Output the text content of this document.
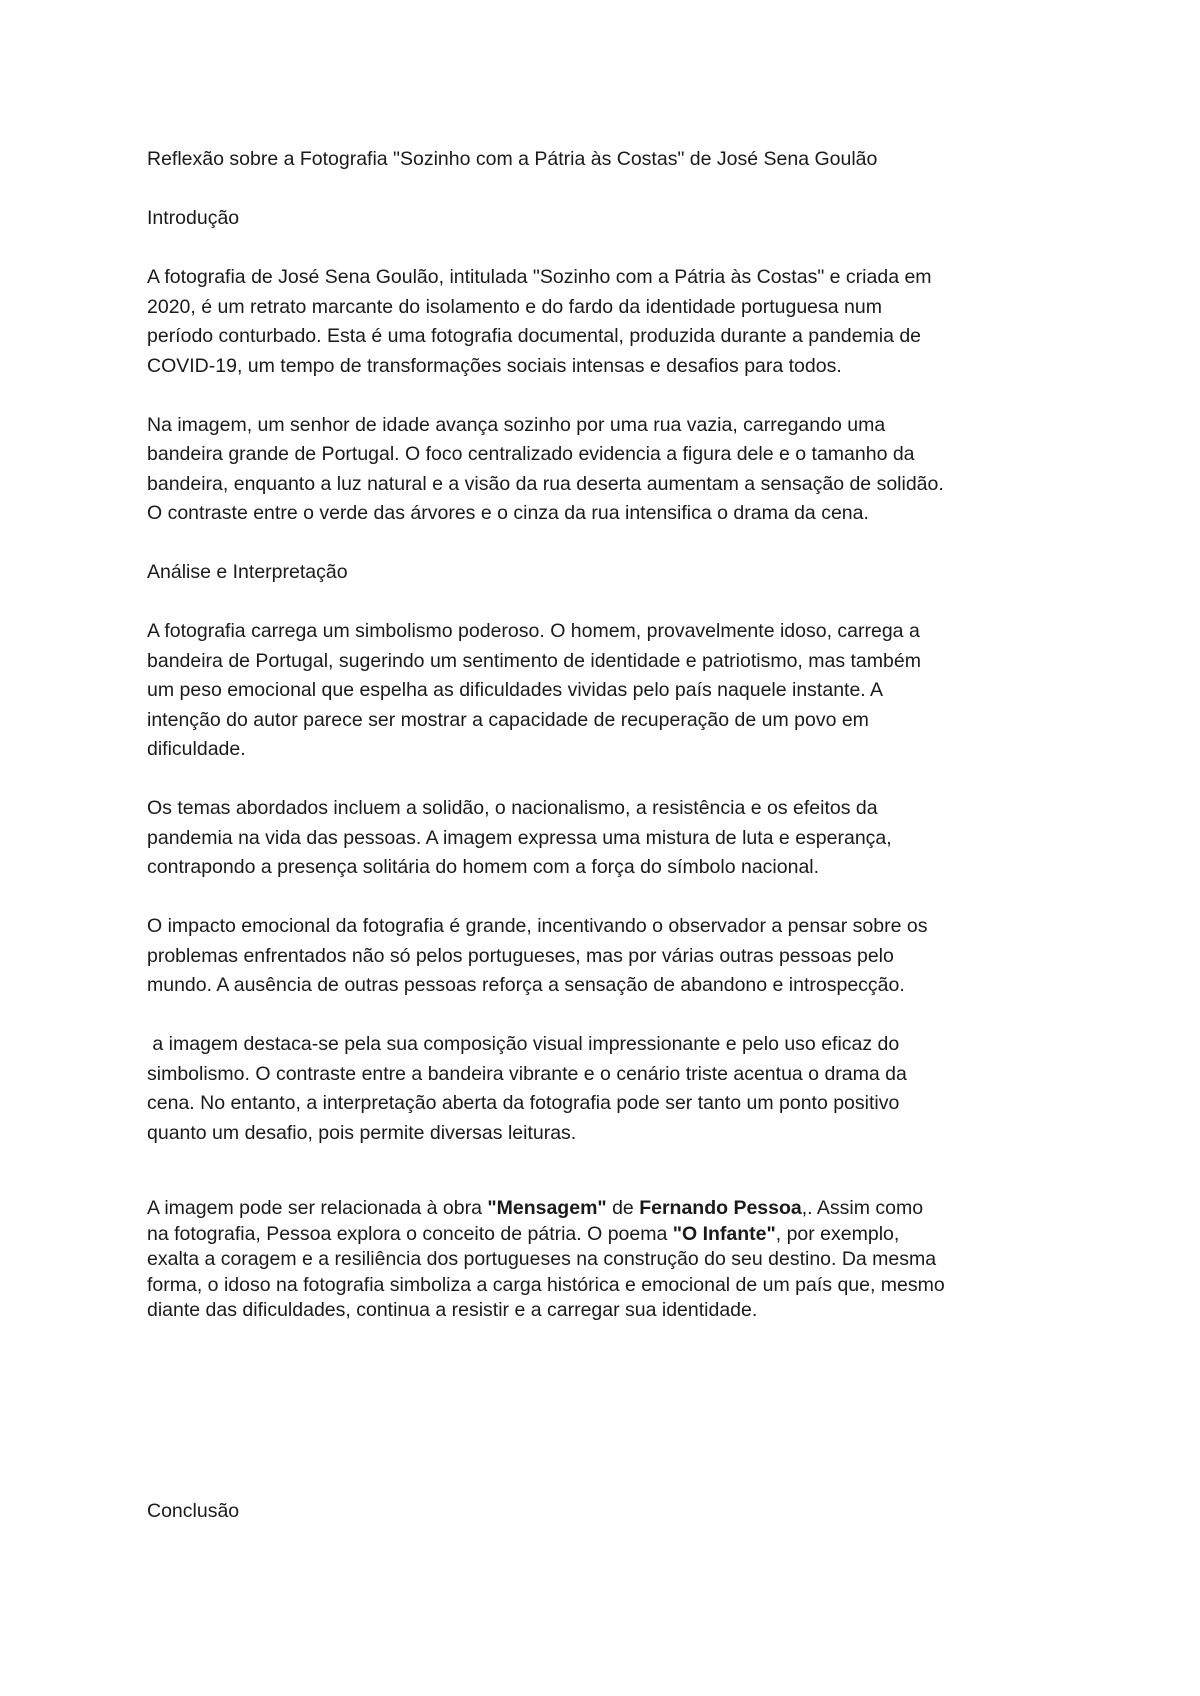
Reflexão sobre a Fotografia "Sozinho com a Pátria às Costas" de José Sena Goulão

Introdução

A fotografia de José Sena Goulão, intitulada "Sozinho com a Pátria às Costas" e criada em

2020, é um retrato marcante do isolamento e do fardo da identidade portuguesa num

período conturbado. Esta é uma fotografia documental, produzida durante a pandemia de

COVID-19, um tempo de transformações sociais intensas e desafios para todos.

Na imagem, um senhor de idade avança sozinho por uma rua vazia, carregando uma

bandeira grande de Portugal. O foco centralizado evidencia a figura dele e o tamanho da

bandeira, enquanto a luz natural e a visão da rua deserta aumentam a sensação de solidão.

O contraste entre o verde das árvores e o cinza da rua intensifica o drama da cena.

Análise e Interpretação

A fotografia carrega um simbolismo poderoso. O homem, provavelmente idoso, carrega a

bandeira de Portugal, sugerindo um sentimento de identidade e patriotismo, mas também

um peso emocional que espelha as dificuldades vividas pelo país naquele instante. A

intenção do autor parece ser mostrar a capacidade de recuperação de um povo em

dificuldade.

Os temas abordados incluem a solidão, o nacionalismo, a resistência e os efeitos da

pandemia na vida das pessoas. A imagem expressa uma mistura de luta e esperança,

contrapondo a presença solitária do homem com a força do símbolo nacional.

O impacto emocional da fotografia é grande, incentivando o observador a pensar sobre os

problemas enfrentados não só pelos portugueses, mas por várias outras pessoas pelo

mundo. A ausência de outras pessoas reforça a sensação de abandono e introspecção.

a imagem destaca-se pela sua composição visual impressionante e pelo uso eficaz do

simbolismo. O contraste entre a bandeira vibrante e o cenário triste acentua o drama da

cena. No entanto, a interpretação aberta da fotografia pode ser tanto um ponto positivo

quanto um desafio, pois permite diversas leituras.

A imagem pode ser relacionada à obra "Mensagem" de Fernando Pessoa,. Assim como

na fotografia, Pessoa explora o conceito de pátria. O poema "O Infante", por exemplo,

exalta a coragem e a resiliência dos portugueses na construção do seu destino. Da mesma

forma, o idoso na fotografia simboliza a carga histórica e emocional de um país que, mesmo

diante das dificuldades, continua a resistir e a carregar sua identidade.

Conclusão
